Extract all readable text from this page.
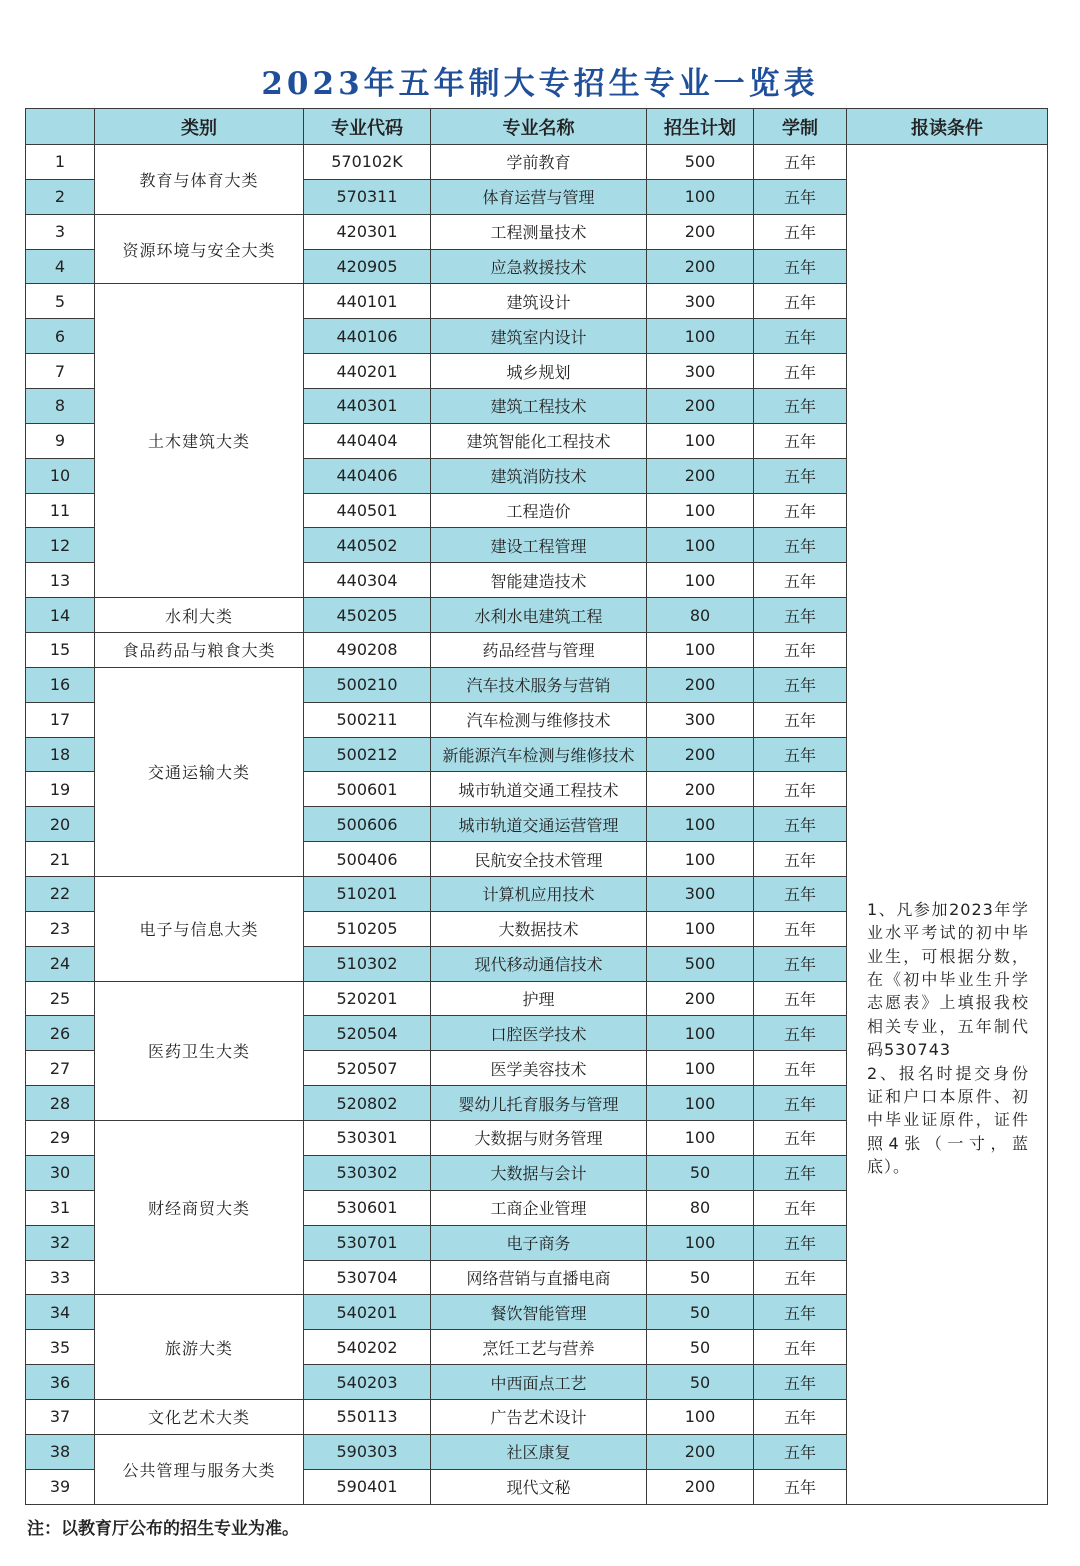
2023年五年制大专招生专业一览表
	类别	专业代码	专业名称	招生计划	学制	报读条件
1	教育与体育大类	570102K	学前教育	500	五年	1、凡参加2023年学业水平考试的初中毕业生，可根据分数，在《初中毕业生升学志愿表》上填报我校相关专业，五年制代码530743

2、报名时提交身份证和户口本原件、初中毕业证原件，证件照4张（一寸，蓝底）。

2		570311	体育运营与管理	100	五年	
3	资源环境与安全大类	420301	工程测量技术	200	五年	
4		420905	应急救援技术	200	五年	
5	土木建筑大类	440101	建筑设计	300	五年	
6		440106	建筑室内设计	100	五年	
7		440201	城乡规划	300	五年	
8		440301	建筑工程技术	200	五年	
9		440404	建筑智能化工程技术	100	五年	
10		440406	建筑消防技术	200	五年	
11		440501	工程造价	100	五年	
12		440502	建设工程管理	100	五年	
13		440304	智能建造技术	100	五年	
14	水利大类	450205	水利水电建筑工程	80	五年	
15	食品药品与粮食大类	490208	药品经营与管理	100	五年	
16	交通运输大类	500210	汽车技术服务与营销	200	五年	
17		500211	汽车检测与维修技术	300	五年	
18		500212	新能源汽车检测与维修技术	200	五年	
19		500601	城市轨道交通工程技术	200	五年	
20		500606	城市轨道交通运营管理	100	五年	
21		500406	民航安全技术管理	100	五年	
22	电子与信息大类	510201	计算机应用技术	300	五年	
23		510205	大数据技术	100	五年	
24		510302	现代移动通信技术	500	五年	
25	医药卫生大类	520201	护理	200	五年	
26		520504	口腔医学技术	100	五年	
27		520507	医学美容技术	100	五年	
28		520802	婴幼儿托育服务与管理	100	五年	
29	财经商贸大类	530301	大数据与财务管理	100	五年	
30		530302	大数据与会计	50	五年	
31		530601	工商企业管理	80	五年	
32		530701	电子商务	100	五年	
33		530704	网络营销与直播电商	50	五年	
34	旅游大类	540201	餐饮智能管理	50	五年	
35		540202	烹饪工艺与营养	50	五年	
36		540203	中西面点工艺	50	五年	
37	文化艺术大类	550113	广告艺术设计	100	五年	
38	公共管理与服务大类	590303	社区康复	200	五年	
39		590401	现代文秘	200	五年	
注：以教育厅公布的招生专业为准。
